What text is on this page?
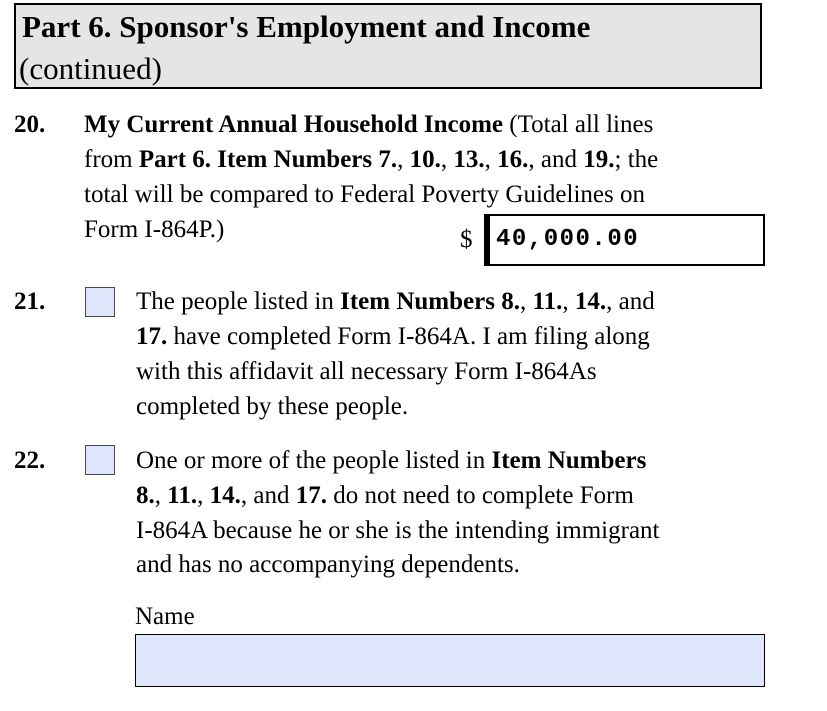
Part 6. Sponsor's Employment and Income
(continued)
20. My Current Annual Household Income (Total all lines
from Part 6. Item Numbers 7., 10., 13., 16., and 19.; the
total will be compared to Federal Poverty Guidelines on
Form I-864P.)	$ 40,000.00
21.	The people listed in Item Numbers 8., 11., 14., and
17. have completed Form I-864A. I am filing along
with this affidavit all necessary Form I-864As
completed by these people.
22.	One or more of the people listed in Item Numbers
8., 11., 14., and 17. do not need to complete Form
I-864A because he or she is the intending immigrant
and has no accompanying dependents.
Name
